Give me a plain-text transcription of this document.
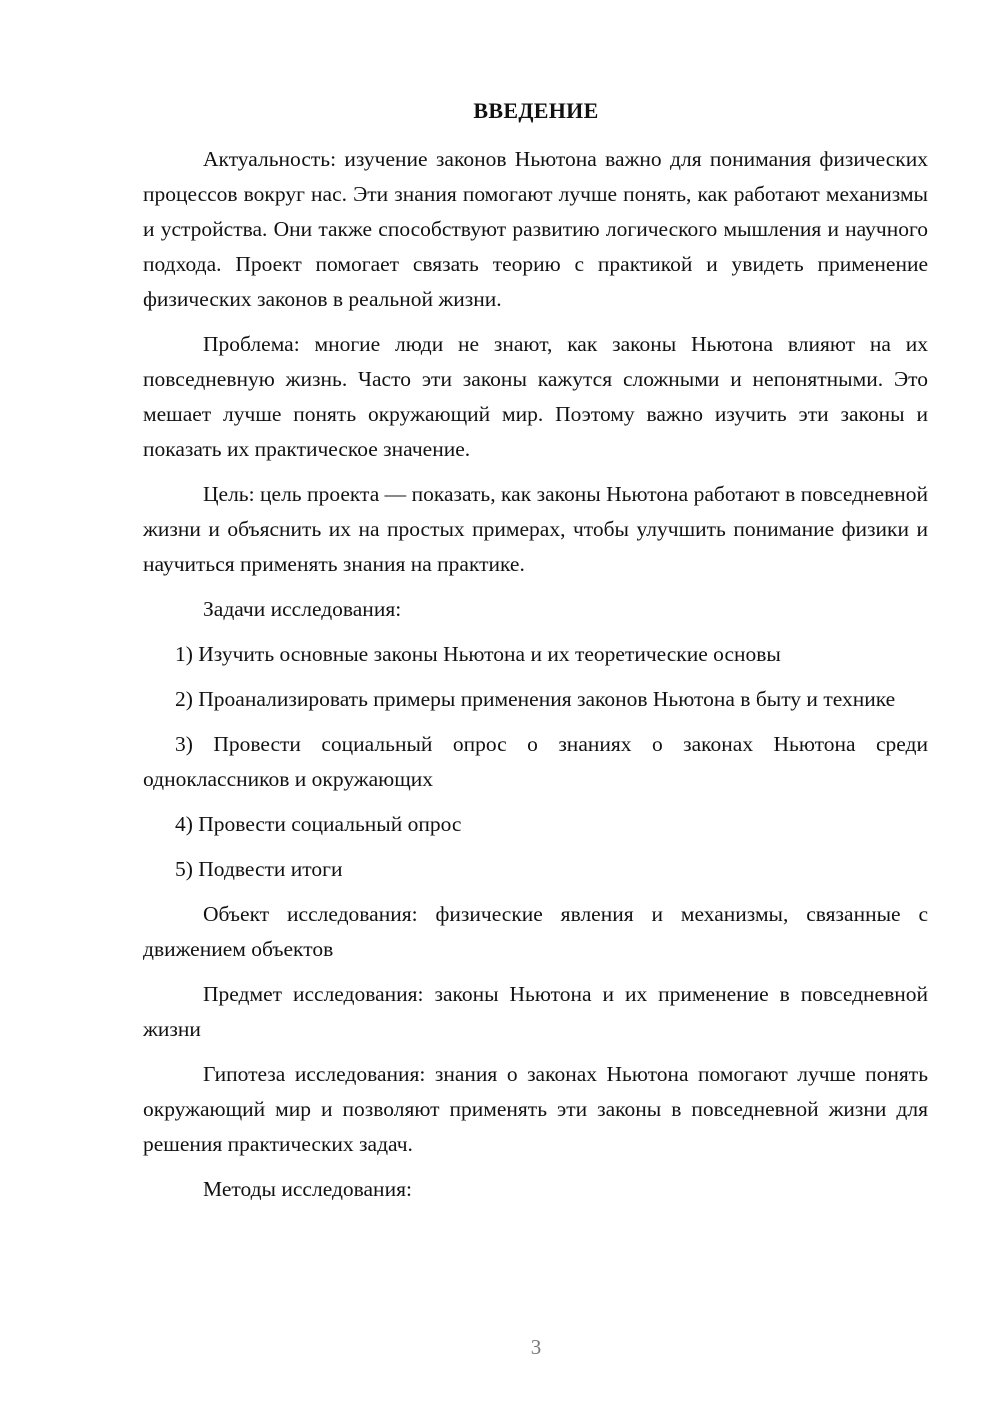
ВВЕДЕНИЕ

Актуальность: изучение законов Ньютона важно для понимания физических процессов вокруг нас. Эти знания помогают лучше понять, как работают механизмы и устройства. Они также способствуют развитию логического мышления и научного подхода. Проект помогает связать теорию с практикой и увидеть применение физических законов в реальной жизни.

Проблема: многие люди не знают, как законы Ньютона влияют на их повседневную жизнь. Часто эти законы кажутся сложными и непонятными. Это мешает лучше понять окружающий мир. Поэтому важно изучить эти законы и показать их практическое значение.

Цель: цель проекта — показать, как законы Ньютона работают в повседневной жизни и объяснить их на простых примерах, чтобы улучшить понимание физики и научиться применять знания на практике.

Задачи исследования:

1) Изучить основные законы Ньютона и их теоретические основы

2) Проанализировать примеры применения законов Ньютона в быту и технике

3) Провести социальный опрос о знаниях о законах Ньютона среди одноклассников и окружающих

4) Провести социальный опрос

5) Подвести итоги

Объект исследования: физические явления и механизмы, связанные с движением объектов

Предмет исследования: законы Ньютона и их применение в повседневной жизни

Гипотеза исследования: знания о законах Ньютона помогают лучше понять окружающий мир и позволяют применять эти законы в повседневной жизни для решения практических задач.

Методы исследования:

3
